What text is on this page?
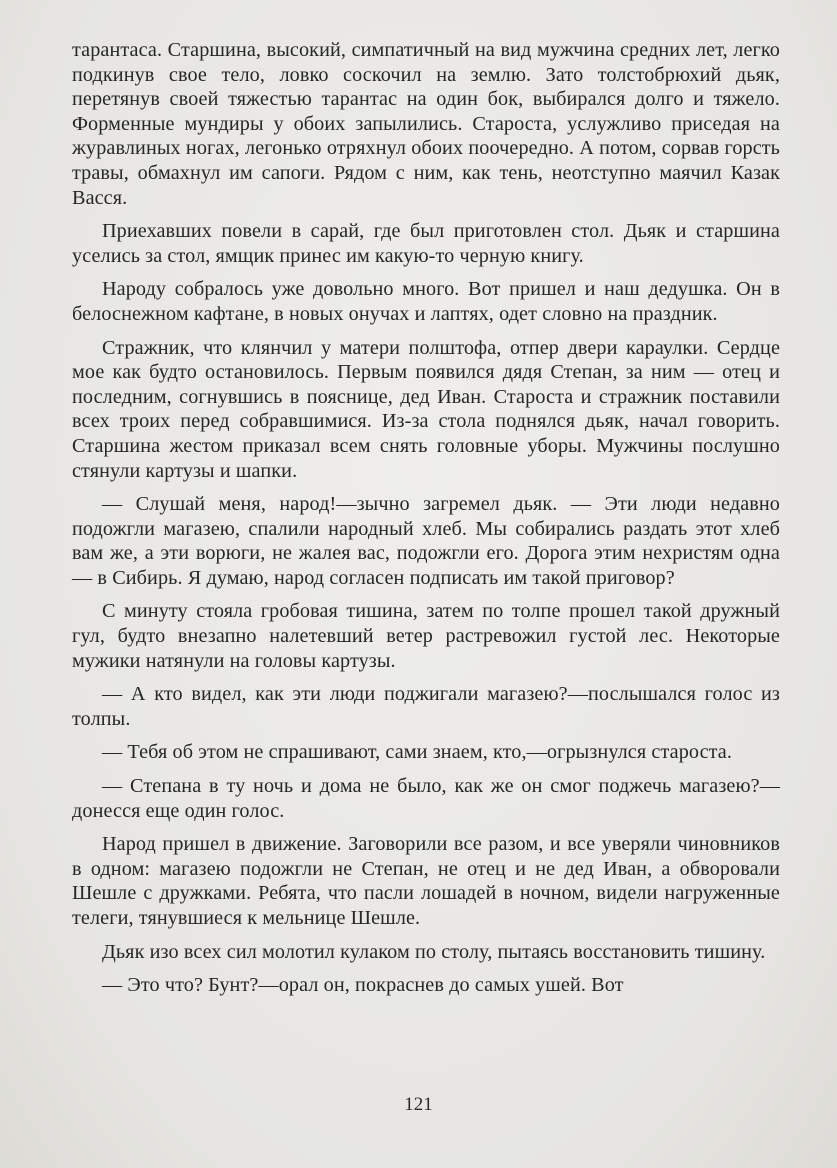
тарантаса. Старшина, высокий, симпатичный на вид мужчина средних лет, легко подкинув свое тело, ловко соскочил на землю. Зато толстобрюхий дьяк, перетянув своей тяжестью тарантас на один бок, выбирался долго и тяжело. Форменные мундиры у обоих запылились. Староста, услужливо приседая на журавлиных ногах, легонько отряхнул обоих поочередно. А потом, сорвав горсть травы, обмахнул им сапоги. Рядом с ним, как тень, неотступно маячил Казак Васся.

Приехавших повели в сарай, где был приготовлен стол. Дьяк и старшина уселись за стол, ямщик принес им какую-то черную книгу.

Народу собралось уже довольно много. Вот пришел и наш дедушка. Он в белоснежном кафтане, в новых онучах и лаптях, одет словно на праздник.

Стражник, что клянчил у матери полштофа, отпер двери караулки. Сердце мое как будто остановилось. Первым появился дядя Степан, за ним — отец и последним, согнувшись в пояснице, дед Иван. Староста и стражник поставили всех троих перед собравшимися. Из-за стола поднялся дьяк, начал говорить. Старшина жестом приказал всем снять головные уборы. Мужчины послушно стянули картузы и шапки.

— Слушай меня, народ!—зычно загремел дьяк. — Эти люди недавно подожгли магазею, спалили народный хлеб. Мы собирались раздать этот хлеб вам же, а эти ворюги, не жалея вас, подожгли его. Дорога этим нехристям одна — в Сибирь. Я думаю, народ согласен подписать им такой приговор?

С минуту стояла гробовая тишина, затем по толпе прошел такой дружный гул, будто внезапно налетевший ветер растревожил густой лес. Некоторые мужики натянули на головы картузы.

— А кто видел, как эти люди поджигали магазею?—послышался голос из толпы.

— Тебя об этом не спрашивают, сами знаем, кто,—огрызнулся староста.

— Степана в ту ночь и дома не было, как же он смог поджечь магазею?— донесся еще один голос.

Народ пришел в движение. Заговорили все разом, и все уверяли чиновников в одном: магазею подожгли не Степан, не отец и не дед Иван, а обворовали Шешле с дружками. Ребята, что пасли лошадей в ночном, видели нагруженные телеги, тянувшиеся к мельнице Шешле.

Дьяк изо всех сил молотил кулаком по столу, пытаясь восстановить тишину.

— Это что? Бунт?—орал он, покраснев до самых ушей. Вот

121
